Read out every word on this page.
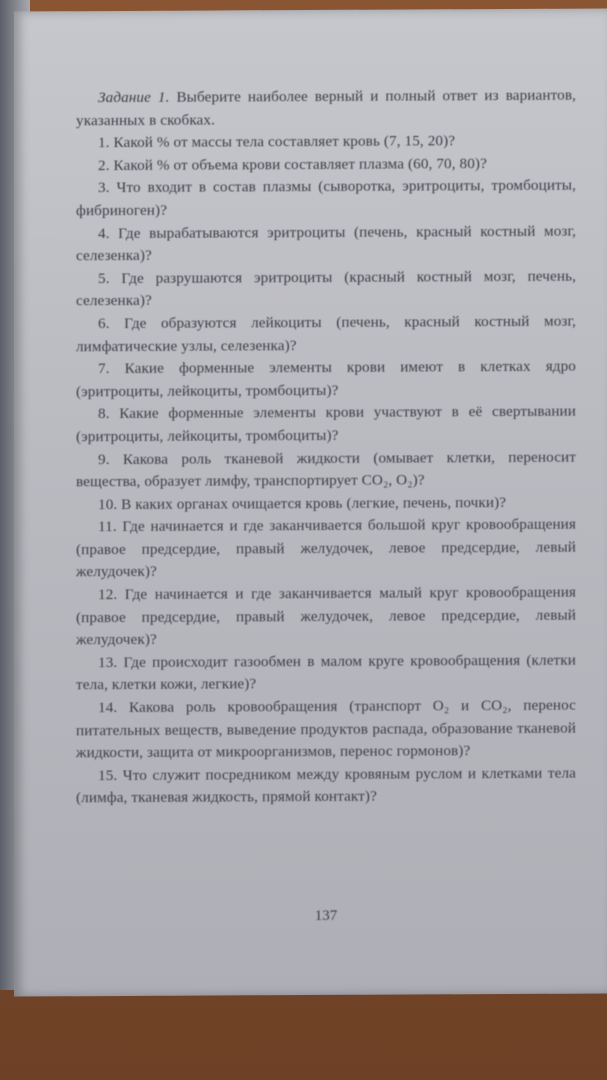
Задание 1. Выберите наиболее верный и полный ответ из вариантов, указанных в скобках.

1. Какой % от массы тела составляет кровь (7, 15, 20)?

2. Какой % от объема крови составляет плазма (60, 70, 80)?

3. Что входит в состав плазмы (сыворотка, эритроциты, тромбоциты, фибриноген)?

4. Где вырабатываются эритроциты (печень, красный костный мозг, селезенка)?

5. Где разрушаются эритроциты (красный костный мозг, печень, селезенка)?

6. Где образуются лейкоциты (печень, красный костный мозг, лимфатические узлы, селезенка)?

7. Какие форменные элементы крови имеют в клетках ядро (эритроциты, лейкоциты, тромбоциты)?

8. Какие форменные элементы крови участвуют в её свертывании (эритроциты, лейкоциты, тромбоциты)?

9. Какова роль тканевой жидкости (омывает клетки, переносит вещества, образует лимфу, транспортирует CO₂, O₂)?

10. В каких органах очищается кровь (легкие, печень, почки)?

11. Где начинается и где заканчивается большой круг кровообращения (правое предсердие, правый желудочек, левое предсердие, левый желудочек)?

12. Где начинается и где заканчивается малый круг кровообращения (правое предсердие, правый желудочек, левое предсердие, левый желудочек)?

13. Где происходит газообмен в малом круге кровообращения (клетки тела, клетки кожи, легкие)?

14. Какова роль кровообращения (транспорт O₂ и CO₂, перенос питательных веществ, выведение продуктов распада, образование тканевой жидкости, защита от микроорганизмов, перенос гормонов)?

15. Что служит посредником между кровяным руслом и клетками тела (лимфа, тканевая жидкость, прямой контакт)?

137
